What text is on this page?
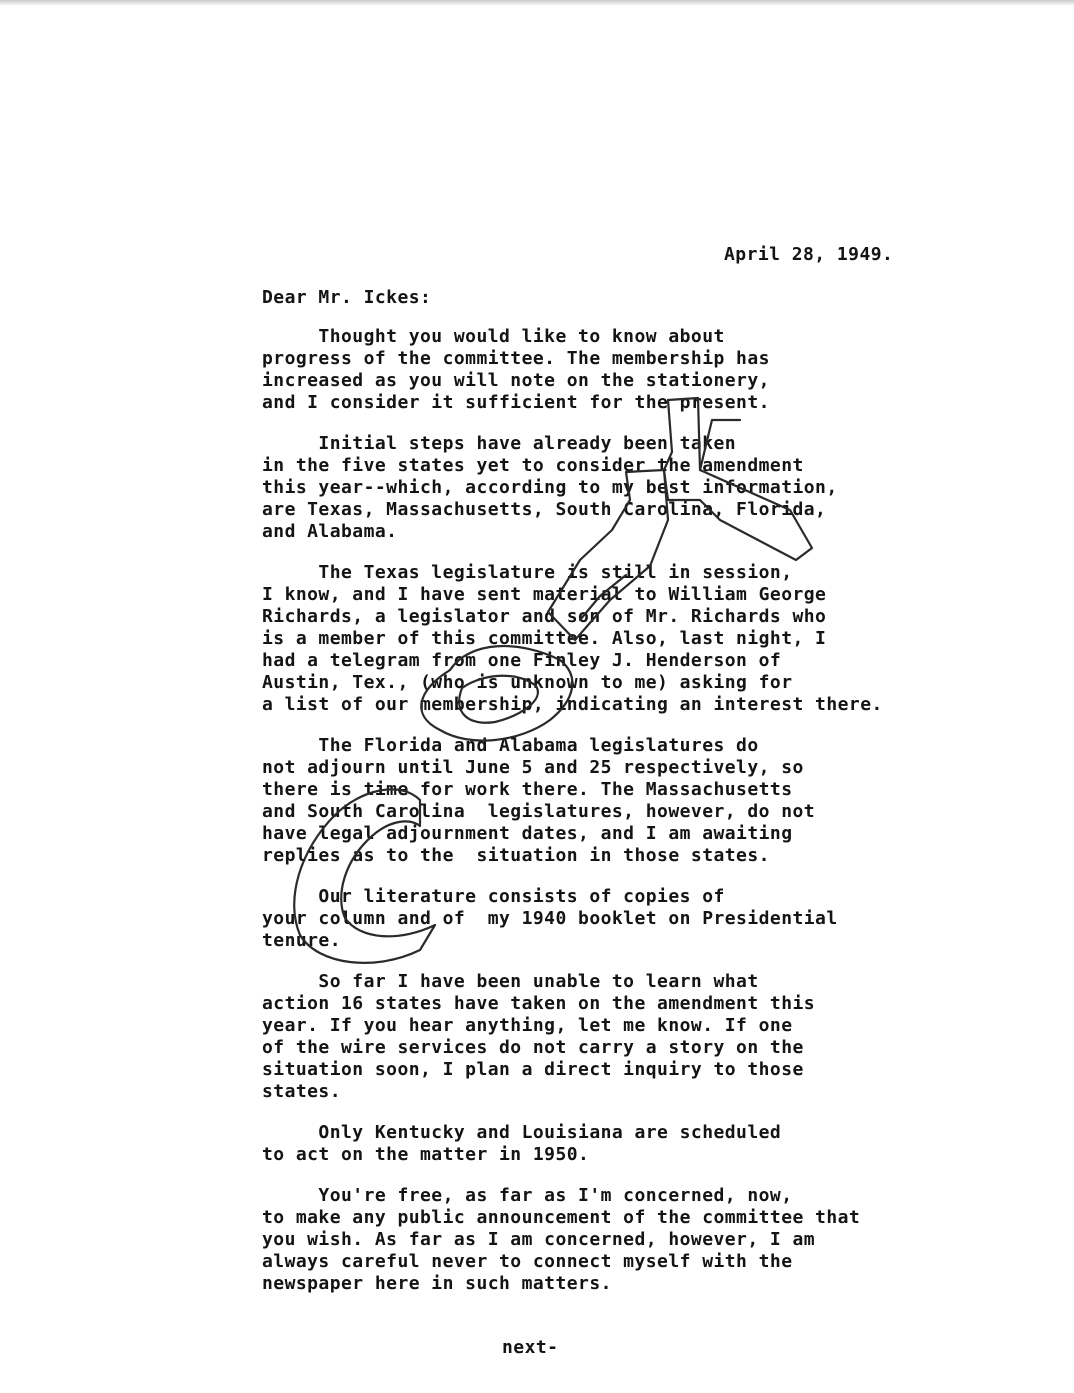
April 28, 1949.
Dear Mr. Ickes:
Thought you would like to know about
progress of the committee. The membership has
increased as you will note on the stationery,
and I consider it sufficient for the present.
Initial steps have already been taken
in the five states yet to consider the amendment
this year--which, according to my best information,
are Texas, Massachusetts, South Carolina, Florida,
and Alabama.
The Texas legislature is still in session,
I know, and I have sent material to William George
Richards, a legislator and son of Mr. Richards who
is a member of this committee. Also, last night, I
had a telegram from one Finley J. Henderson of
Austin, Tex., (who is unknown to me) asking for
a list of our membership, indicating an interest there.
The Florida and Alabama legislatures do
not adjourn until June 5 and 25 respectively, so
there is time for work there. The Massachusetts
and South Carolina  legislatures, however, do not
have legal adjournment dates, and I am awaiting
replies as to the  situation in those states.
Our literature consists of copies of
your column and of  my 1940 booklet on Presidential
tenure.
So far I have been unable to learn what
action 16 states have taken on the amendment this
year. If you hear anything, let me know. If one
of the wire services do not carry a story on the
situation soon, I plan a direct inquiry to those
states.
Only Kentucky and Louisiana are scheduled
to act on the matter in 1950.
You're free, as far as I'm concerned, now,
to make any public announcement of the committee that
you wish. As far as I am concerned, however, I am
always careful never to connect myself with the
newspaper here in such matters.
next-
